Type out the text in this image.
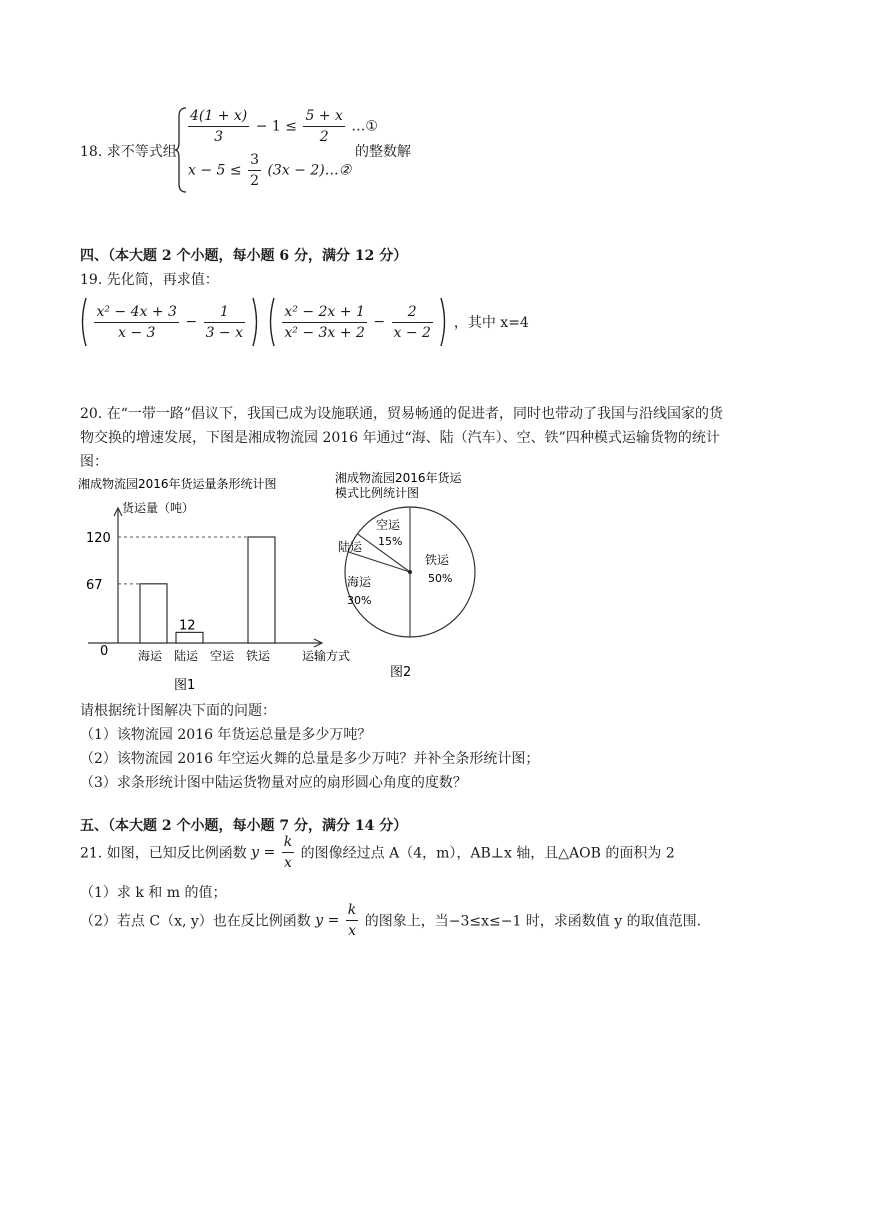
18. 求不等式组
$\frac{4(1 + x)}{3} - 1 \le \frac{5 + x}{2}$ …①
$x - 5 \le \frac{3}{2} (3x$ − 2)…②
的整数解
四、（本大题 2 个小题，每小题 6 分，满分 12 分）
19. 先化简，再求值：

$\frac{\text{x² − 4x + 3}}{x - 3} - \frac{1}{3 - x}$
	$\frac{\text{x² − 2x + 1}}{\text{x² − 3x + 2}} - \frac{2}{x - 2}$ ，其中 x=4
20. 在“一带一路”倡议下，我国已成为设施联通，贸易畅通的促进者，同时也带动了我国与沿线国家的货
物交换的增速发展，下图是湘成物流园 2016 年通过“海、陆（汽车）、空、铁”四种模式运输货物的统计
图：
湘成物流园2016年货运量条形统计图
货运量（吨）
运输方式
0
67
120
海运
12
陆运 空运 铁运
图1
湘成物流园2016年货运
模式比例统计图
铁运
50%
海运
30%
空运
15%
陆运
图2
请根据统计图解决下面的问题：
（1）该物流园 2016 年货运总量是多少万吨？
（2）该物流园 2016 年空运火舞的总量是多少万吨？并补全条形统计图；
（3）求条形统计图中陆运货物量对应的扇形圆心角度的度数？
五、（本大题 2 个小题，每小题 7 分，满分 14 分）
21. 如图，已知反比例函数 $y = \frac{k}{x}$ 的图像经过点 A（4，m），AB⊥x 轴，且△AOB 的面积为 2
（1）求 k 和 m 的值；
（2）若点 C（x, y）也在反比例函数 $y = \frac{k}{x}$ 的图象上，当−3≤x≤−1 时，求函数值 y 的取值范围.
